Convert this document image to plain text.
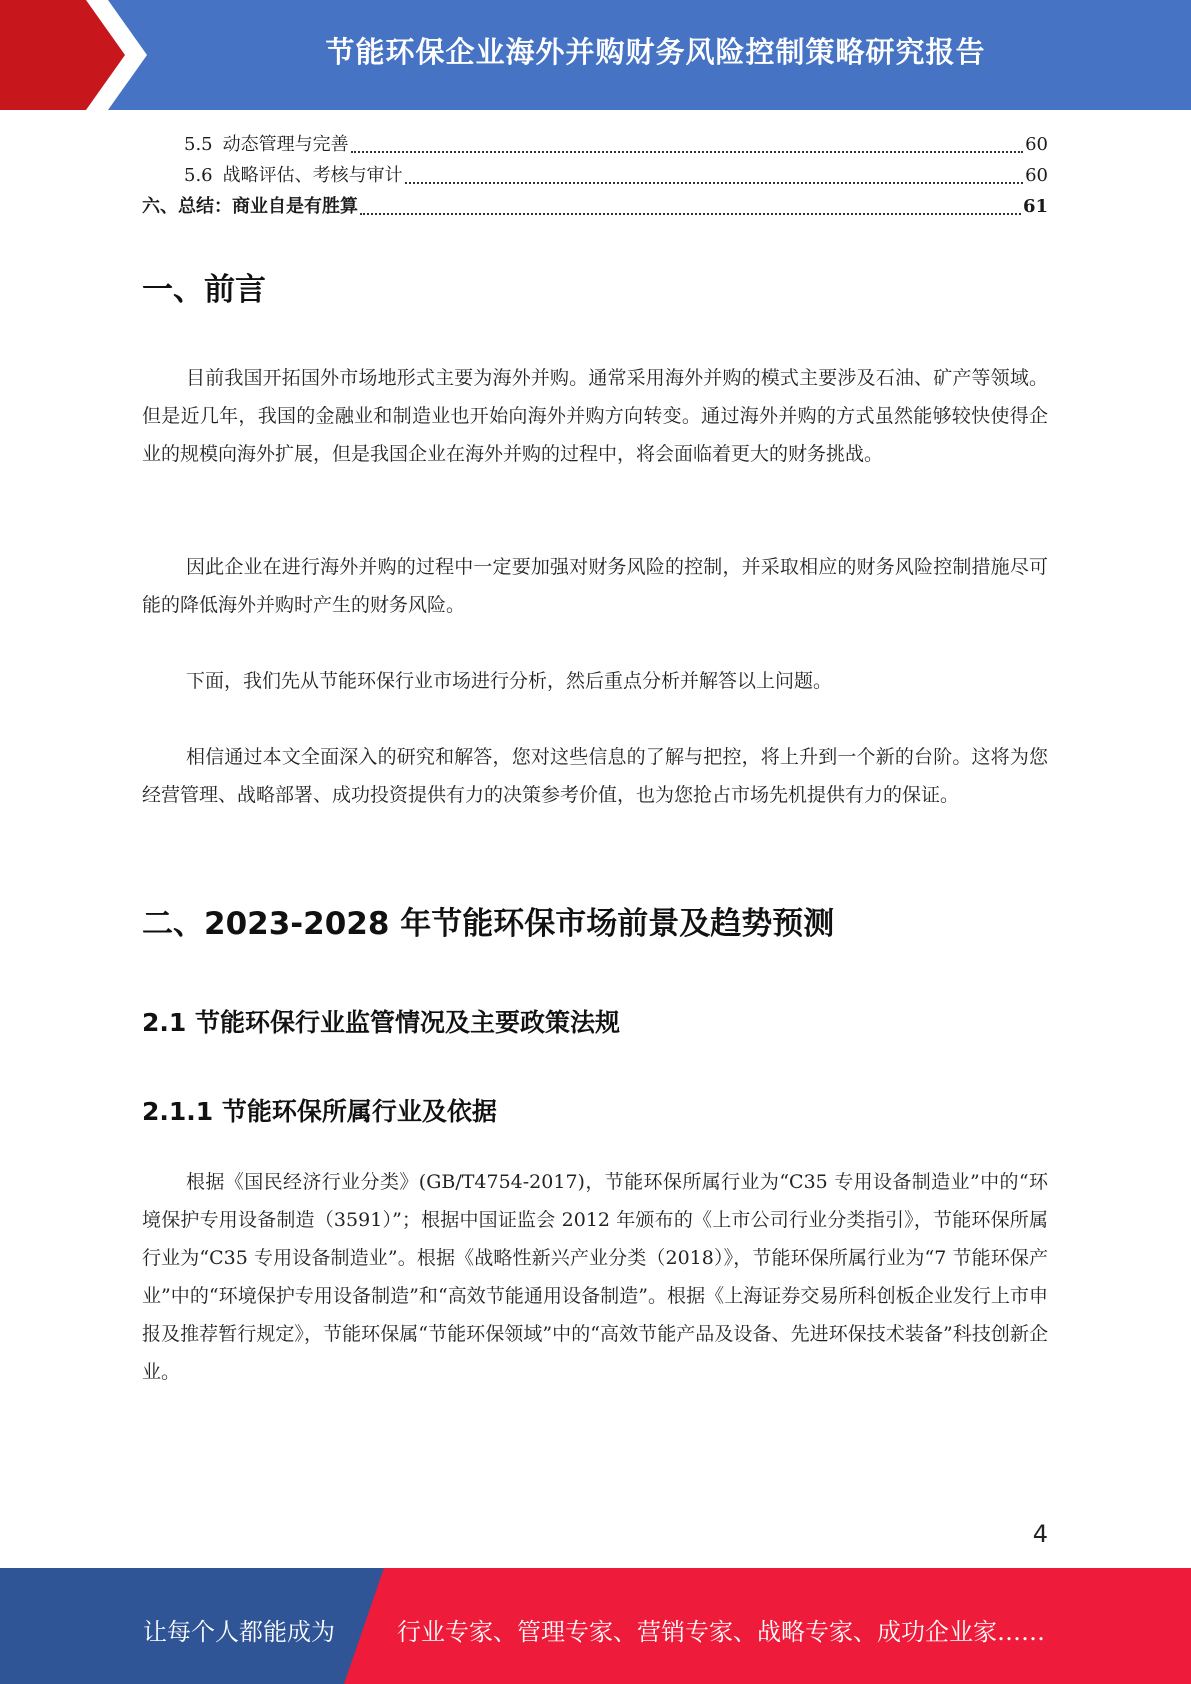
节能环保企业海外并购财务风险控制策略研究报告
5.5 动态管理与完善	60
5.6 战略评估、考核与审计	60
六、总结：商业自是有胜算	61
一、前言
目前我国开拓国外市场地形式主要为海外并购。通常采用海外并购的模式主要涉及石油、矿产等领域。但是近几年，我国的金融业和制造业也开始向海外并购方向转变。通过海外并购的方式虽然能够较快使得企业的规模向海外扩展，但是我国企业在海外并购的过程中，将会面临着更大的财务挑战。
因此企业在进行海外并购的过程中一定要加强对财务风险的控制，并采取相应的财务风险控制措施尽可能的降低海外并购时产生的财务风险。
下面，我们先从节能环保行业市场进行分析，然后重点分析并解答以上问题。
相信通过本文全面深入的研究和解答，您对这些信息的了解与把控，将上升到一个新的台阶。这将为您经营管理、战略部署、成功投资提供有力的决策参考价值，也为您抢占市场先机提供有力的保证。
二、2023-2028 年节能环保市场前景及趋势预测
2.1 节能环保行业监管情况及主要政策法规
2.1.1 节能环保所属行业及依据
根据《国民经济行业分类》(GB/T4754-2017)，节能环保所属行业为“C35 专用设备制造业”中的“环境保护专用设备制造（3591）”；根据中国证监会 2012 年颁布的《上市公司行业分类指引》，节能环保所属行业为“C35 专用设备制造业”。根据《战略性新兴产业分类（2018）》，节能环保所属行业为“7 节能环保产业”中的“环境保护专用设备制造”和“高效节能通用设备制造”。根据《上海证券交易所科创板企业发行上市申报及推荐暂行规定》，节能环保属“节能环保领域”中的“高效节能产品及设备、先进环保技术装备”科技创新企业。
4
让每个人都能成为	行业专家、管理专家、营销专家、战略专家、成功企业家……
